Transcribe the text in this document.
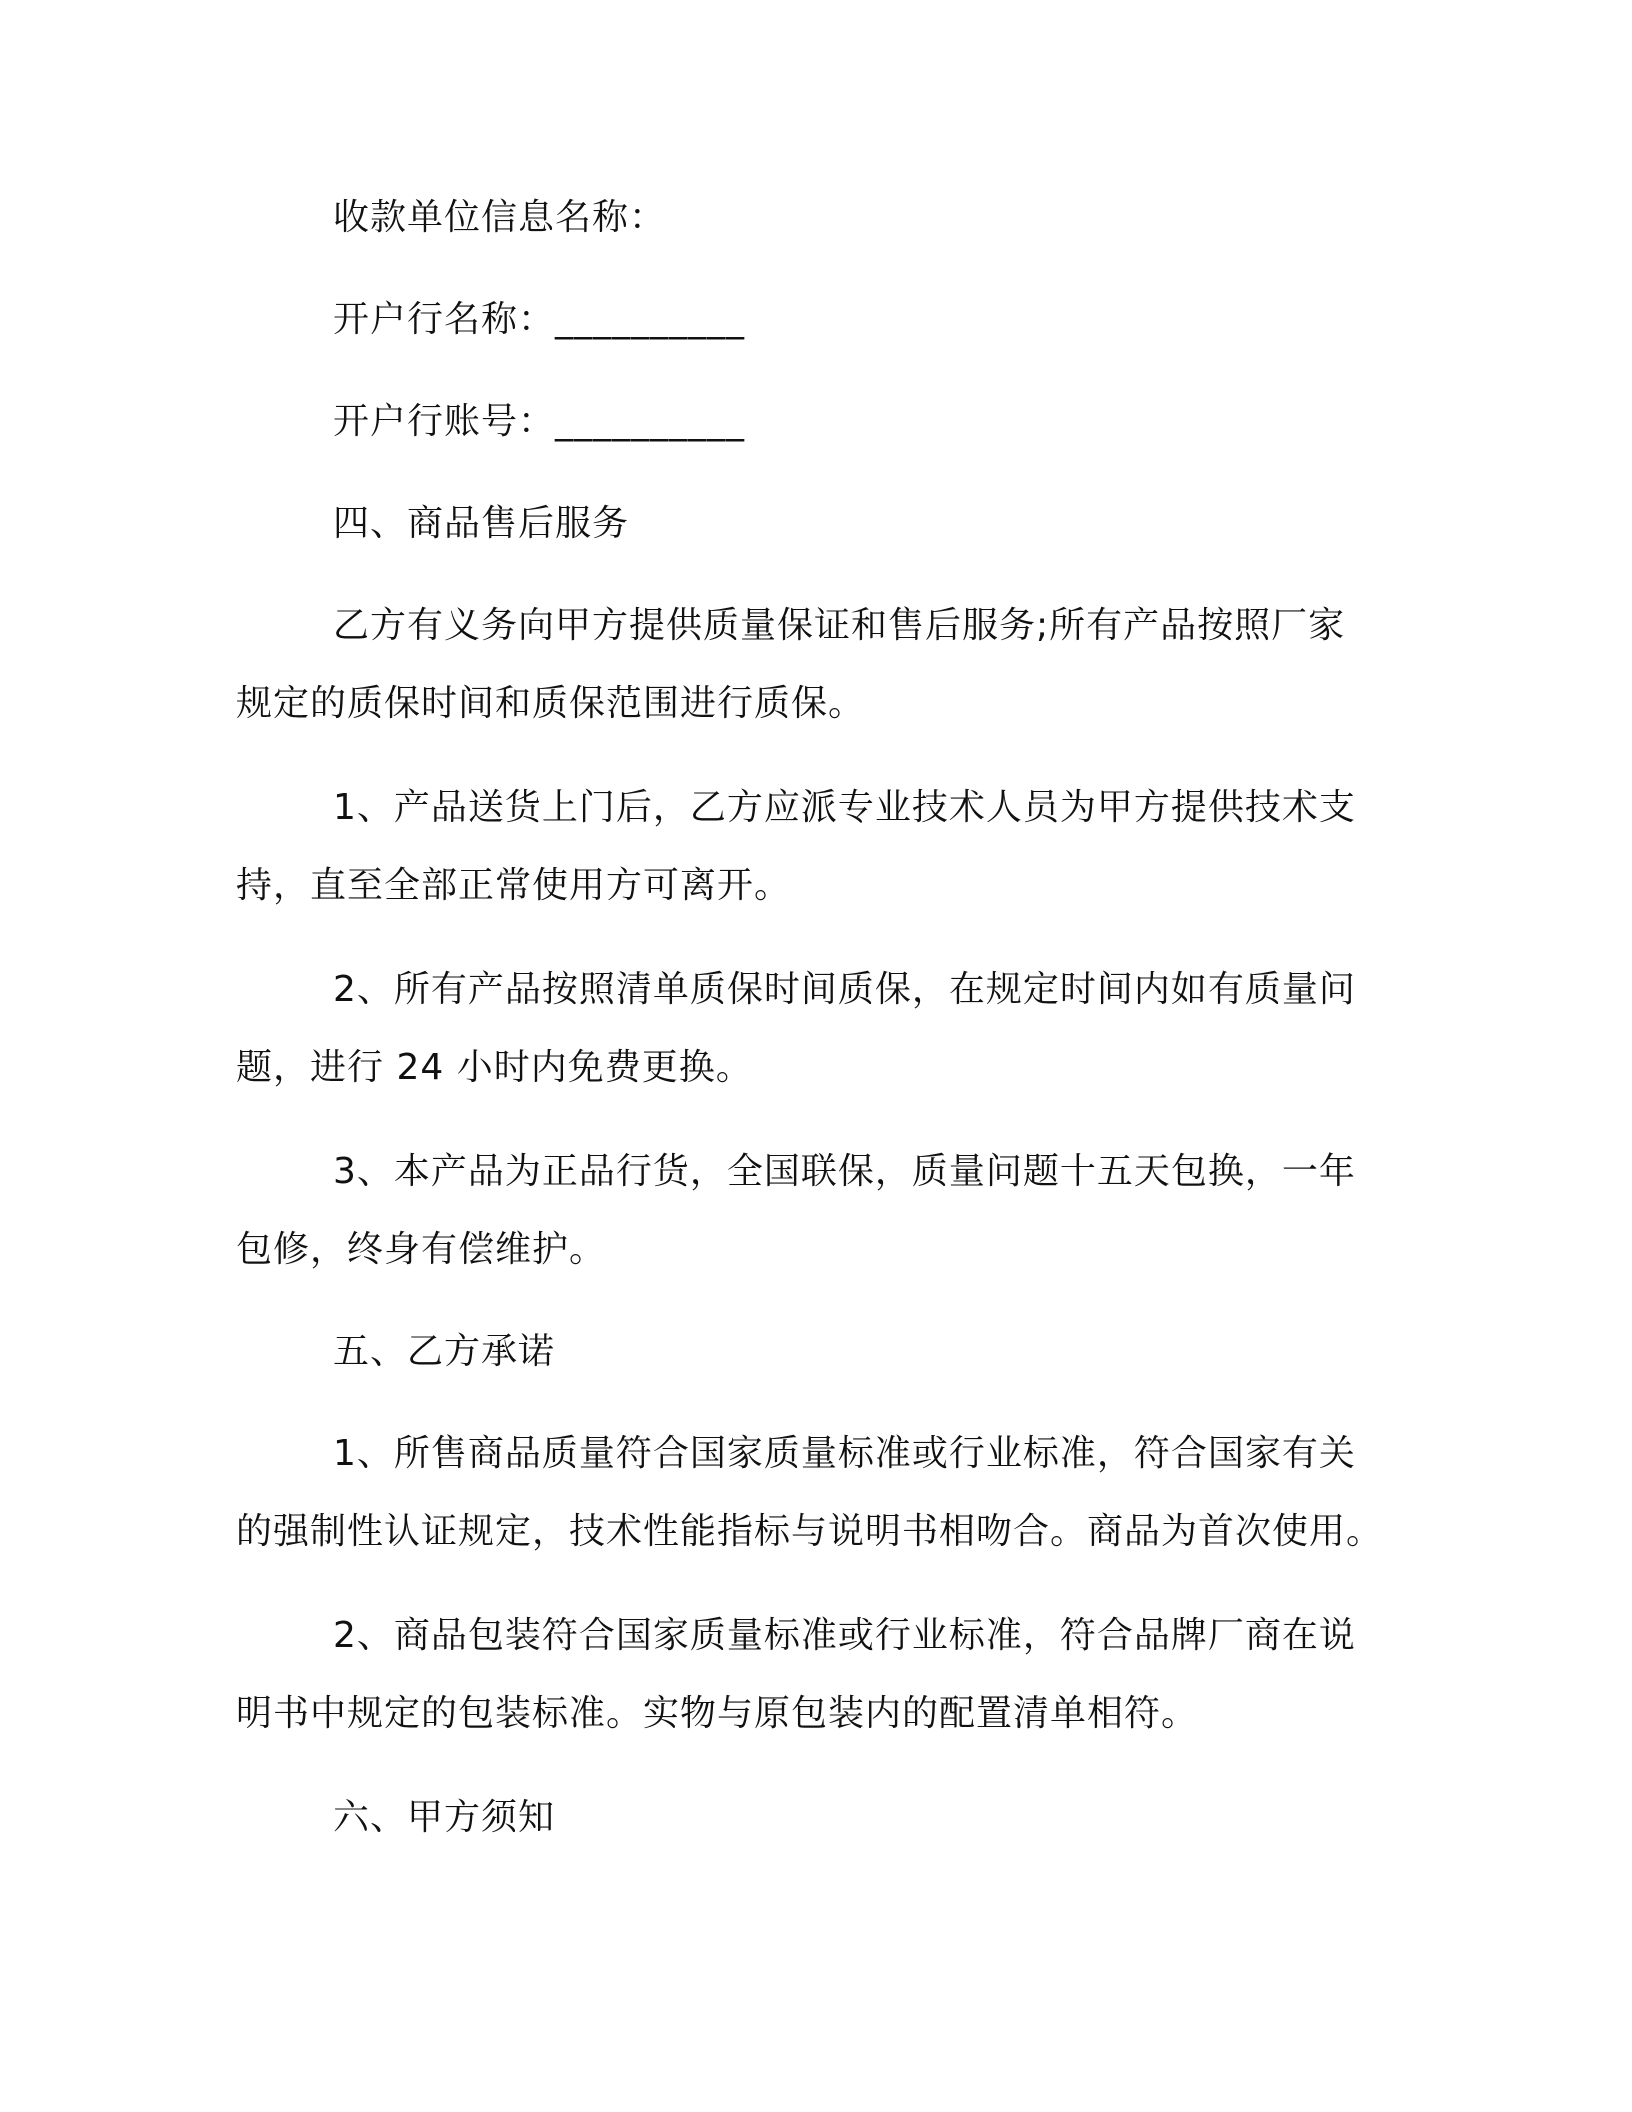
收款单位信息名称：
开户行名称：__________
开户行账号：__________
四、商品售后服务
乙方有义务向甲方提供质量保证和售后服务;所有产品按照厂家
规定的质保时间和质保范围进行质保。
1、产品送货上门后，乙方应派专业技术人员为甲方提供技术支
持，直至全部正常使用方可离开。
2、所有产品按照清单质保时间质保，在规定时间内如有质量问
题，进行 24 小时内免费更换。
3、本产品为正品行货，全国联保，质量问题十五天包换，一年
包修，终身有偿维护。
五、乙方承诺
1、所售商品质量符合国家质量标准或行业标准，符合国家有关
的强制性认证规定，技术性能指标与说明书相吻合。商品为首次使用。
2、商品包装符合国家质量标准或行业标准，符合品牌厂商在说
明书中规定的包装标准。实物与原包装内的配置清单相符。
六、甲方须知
